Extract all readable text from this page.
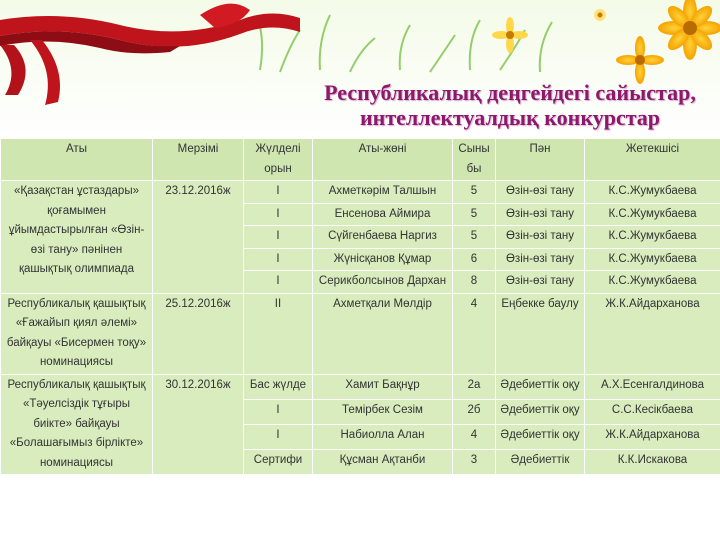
Республикалық деңгейдегі сайыстар,
интеллектуалдық конкурстар
Аты	Мерзімі	Жүлделі орын	Аты-жөні	Сыны бы	Пән	Жетекшісі
«Қазақстан ұстаздары» қоғамымен ұйымдастырылған «Өзін-өзі тану» пәнінен қашықтық олимпиада	23.12.2016ж	І	Ахметкәрім Талшын	5	Өзін-өзі тану	К.С.Жумукбаева
		І	Енсенова Аймира	5	Өзін-өзі тану	К.С.Жумукбаева
		І	Сүйгенбаева Наргиз	5	Өзін-өзі тану	К.С.Жумукбаева
		І	Жүнісқанов Құмар	6	Өзін-өзі тану	К.С.Жумукбаева
		І	Серикболсынов Дархан	8	Өзін-өзі тану	К.С.Жумукбаева
Республикалық қашықтық «Ғажайып қиял әлемі» байқауы «Бисермен тоқу» номинациясы	25.12.2016ж	ІІ	Ахметқали Мөлдір	4	Еңбекке баулу	Ж.К.Айдарханова
Республикалық қашықтық «Тәуелсіздік тұғыры биікте» байқауы «Болашағымыз бірлікте» номинациясы	30.12.2016ж	Бас жүлде	Хамит Бақнұр	2а	Әдебиеттік оқу	А.Х.Есенгалдинова
		І	Темірбек Сезім	2б	Әдебиеттік оқу	С.С.Кесікбаева
		І	Набиолла Алан	4	Әдебиеттік оқу	Ж.К.Айдарханова
		Сертифи	Құсман Ақтанби	3	Әдебиеттік	К.К.Искакова
